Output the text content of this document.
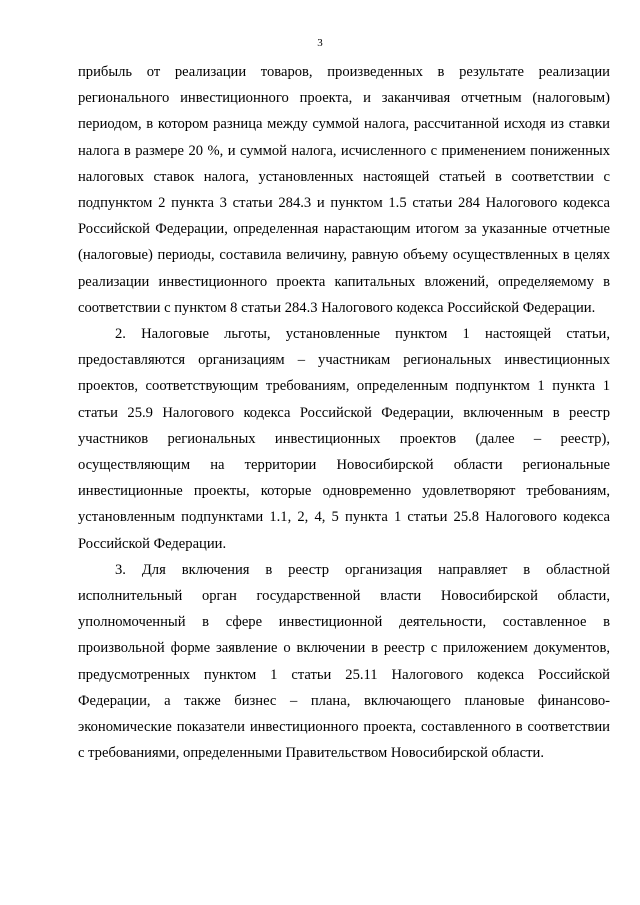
3

прибыль от реализации товаров, произведенных в результате реализации регионального инвестиционного проекта, и заканчивая отчетным (налоговым) периодом, в котором разница между суммой налога, рассчитанной исходя из ставки налога в размере 20 %, и суммой налога, исчисленного с применением пониженных налоговых ставок налога, установленных настоящей статьей в соответствии с подпунктом 2 пункта 3 статьи 284.3 и пунктом 1.5 статьи 284 Налогового кодекса Российской Федерации, определенная нарастающим итогом за указанные отчетные (налоговые) периоды, составила величину, равную объему осуществленных в целях реализации инвестиционного проекта капитальных вложений, определяемому в соответствии с пунктом 8 статьи 284.3 Налогового кодекса Российской Федерации.

2. Налоговые льготы, установленные пунктом 1 настоящей статьи, предоставляются организациям – участникам региональных инвестиционных проектов, соответствующим требованиям, определенным подпунктом 1 пункта 1 статьи 25.9 Налогового кодекса Российской Федерации, включенным в реестр участников региональных инвестиционных проектов (далее – реестр), осуществляющим на территории Новосибирской области региональные инвестиционные проекты, которые одновременно удовлетворяют требованиям, установленным подпунктами 1.1, 2, 4, 5 пункта 1 статьи 25.8 Налогового кодекса Российской Федерации.

3. Для включения в реестр организация направляет в областной исполнительный орган государственной власти Новосибирской области, уполномоченный в сфере инвестиционной деятельности, составленное в произвольной форме заявление о включении в реестр с приложением документов, предусмотренных пунктом 1 статьи 25.11 Налогового кодекса Российской Федерации, а также бизнес – плана, включающего плановые финансово-экономические показатели инвестиционного проекта, составленного в соответствии с требованиями, определенными Правительством Новосибирской области.
